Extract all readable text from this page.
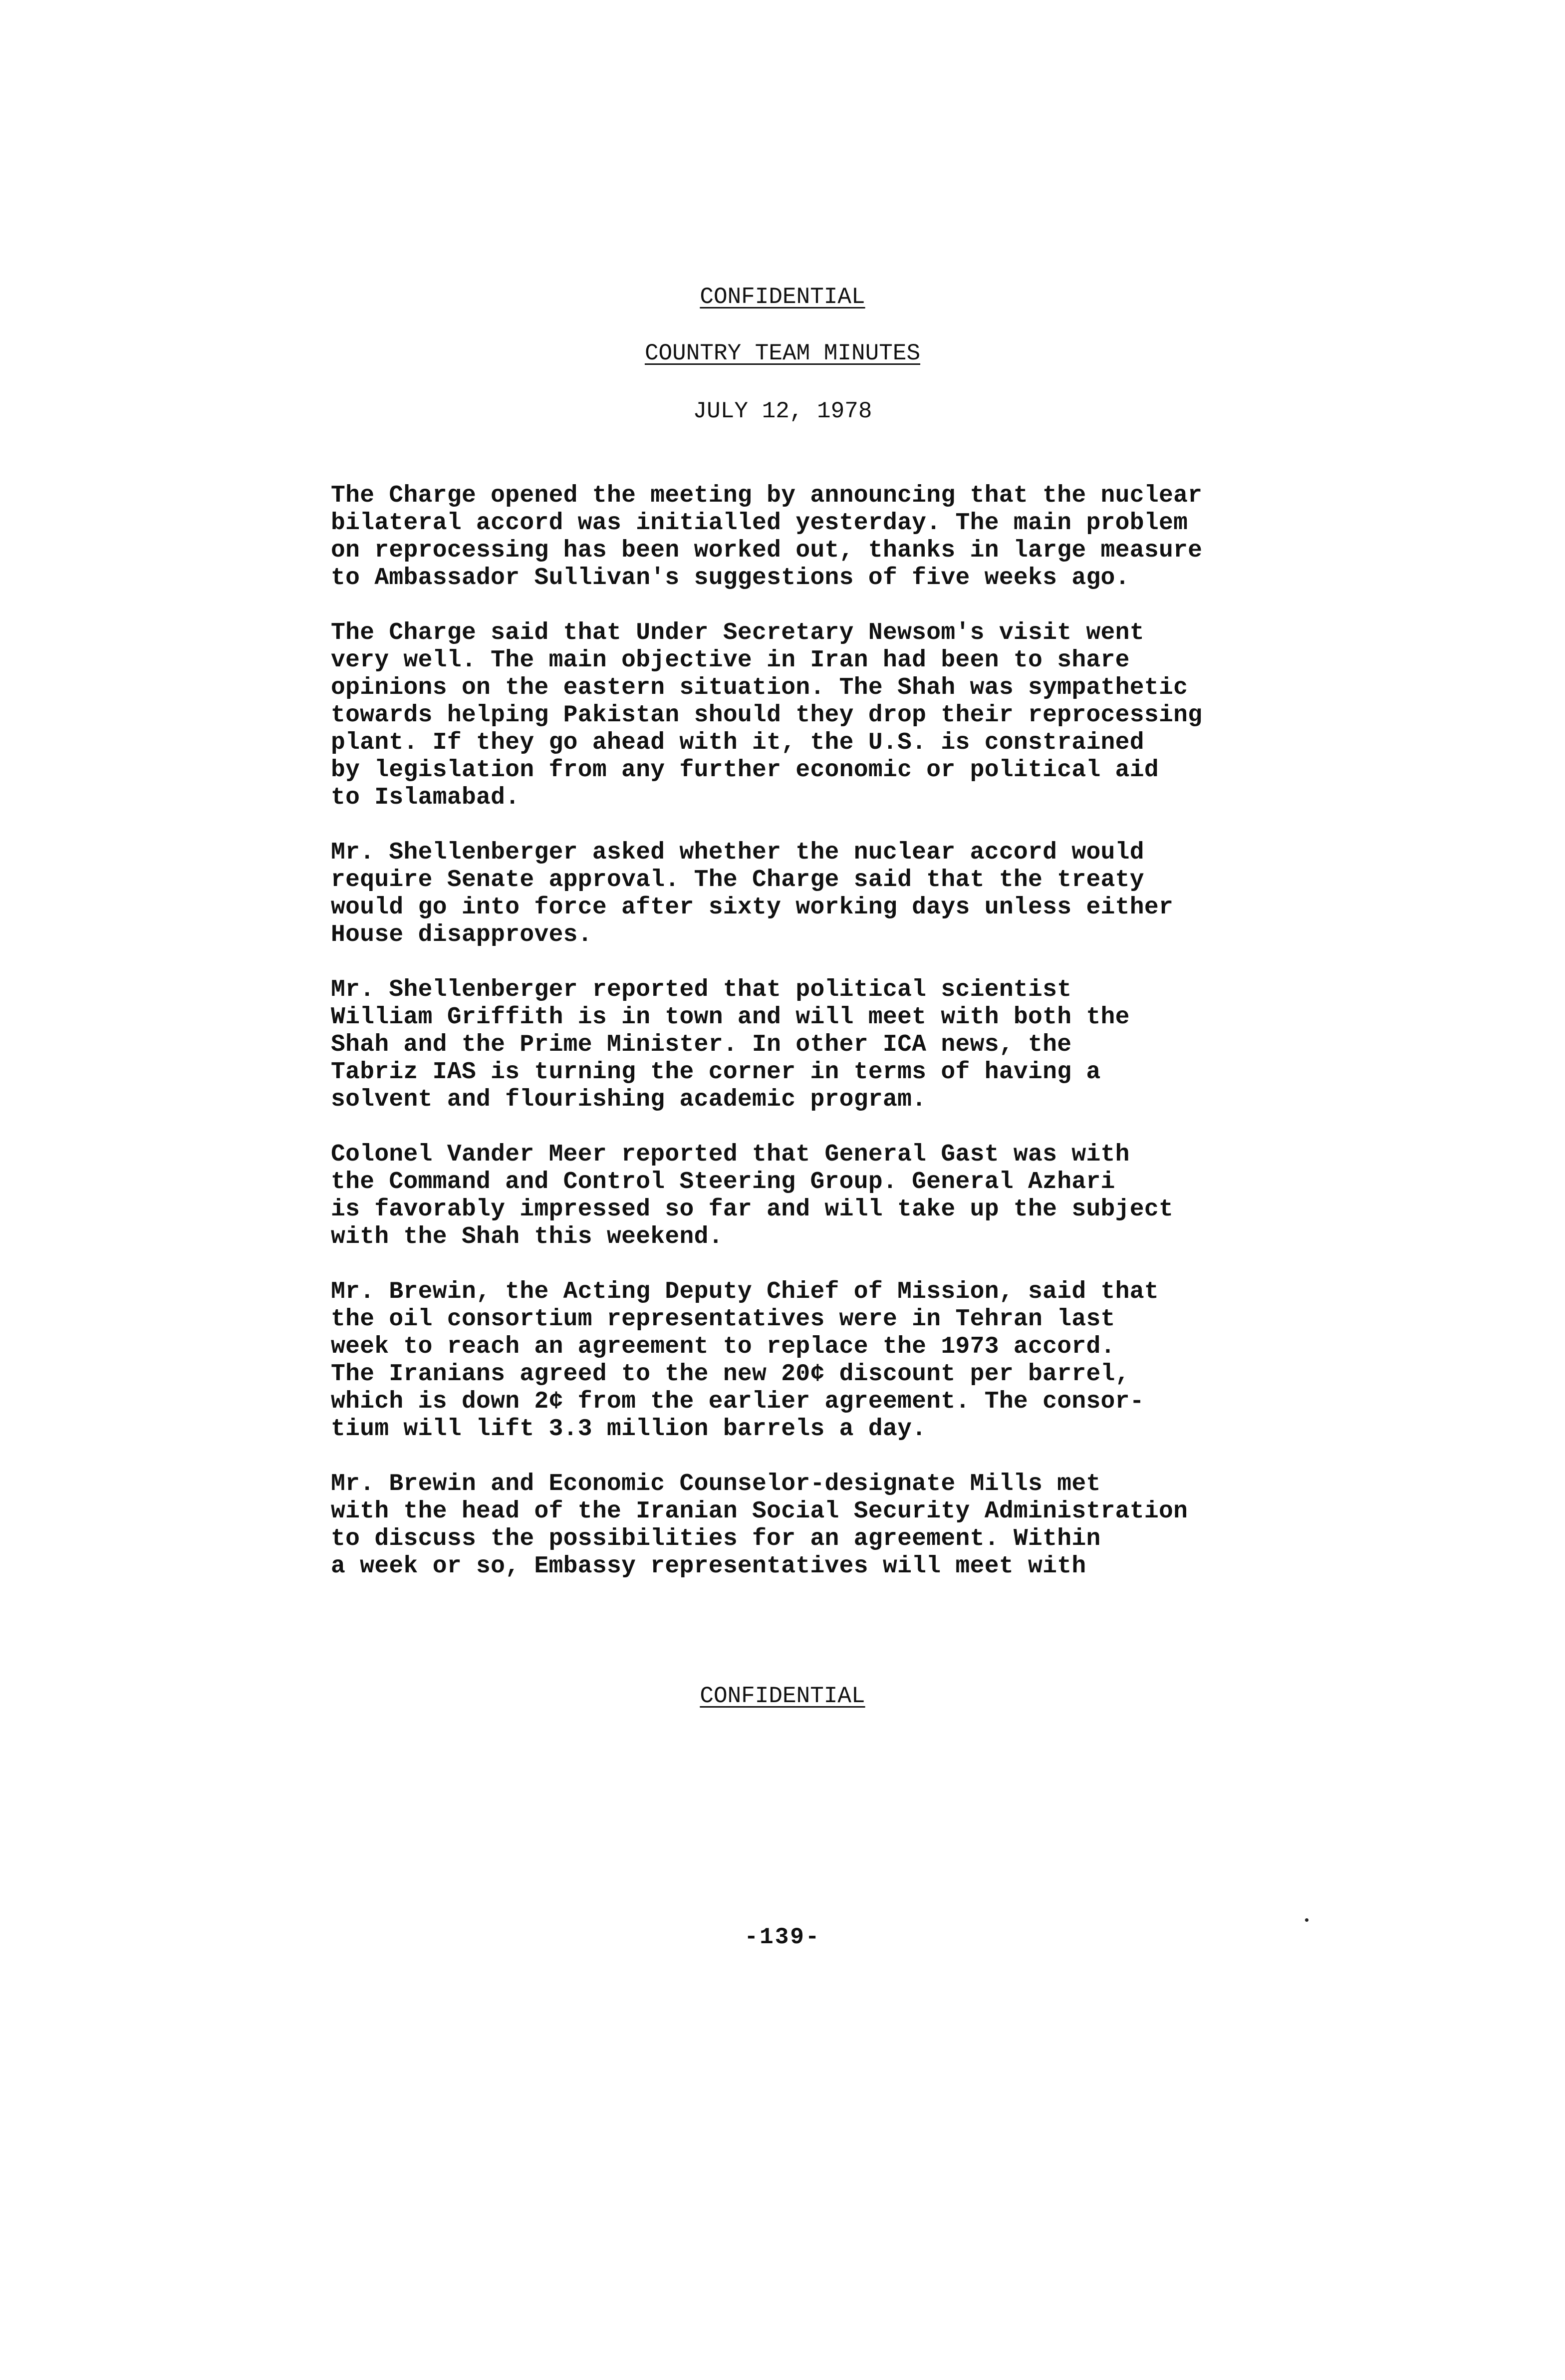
CONFIDENTIAL
COUNTRY TEAM MINUTES
JULY 12, 1978

The Charge opened the meeting by announcing that the nuclear
bilateral accord was initialled yesterday. The main problem
on reprocessing has been worked out, thanks in large measure
to Ambassador Sullivan's suggestions of five weeks ago.

The Charge said that Under Secretary Newsom's visit went
very well. The main objective in Iran had been to share
opinions on the eastern situation. The Shah was sympathetic
towards helping Pakistan should they drop their reprocessing
plant. If they go ahead with it, the U.S. is constrained
by legislation from any further economic or political aid
to Islamabad.

Mr. Shellenberger asked whether the nuclear accord would
require Senate approval. The Charge said that the treaty
would go into force after sixty working days unless either
House disapproves.

Mr. Shellenberger reported that political scientist
William Griffith is in town and will meet with both the
Shah and the Prime Minister. In other ICA news, the
Tabriz IAS is turning the corner in terms of having a
solvent and flourishing academic program.

Colonel Vander Meer reported that General Gast was with
the Command and Control Steering Group. General Azhari
is favorably impressed so far and will take up the subject
with the Shah this weekend.

Mr. Brewin, the Acting Deputy Chief of Mission, said that
the oil consortium representatives were in Tehran last
week to reach an agreement to replace the 1973 accord.
The Iranians agreed to the new 20¢ discount per barrel,
which is down 2¢ from the earlier agreement. The consor-
tium will lift 3.3 million barrels a day.

Mr. Brewin and Economic Counselor-designate Mills met
with the head of the Iranian Social Security Administration
to discuss the possibilities for an agreement. Within
a week or so, Embassy representatives will meet with

CONFIDENTIAL
-139-
